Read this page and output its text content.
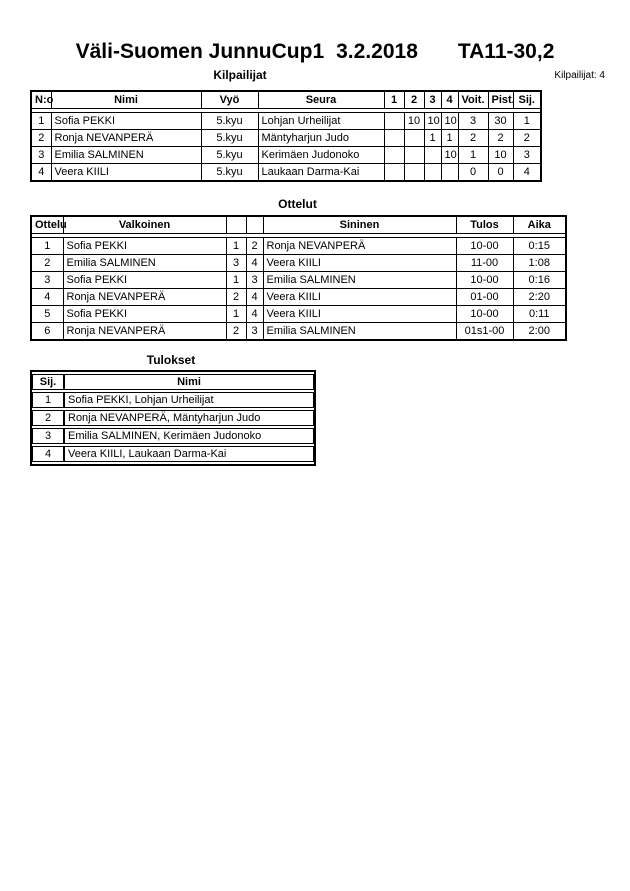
Väli-Suomen JunnuCup1 3.2.2018 TA11-30,2
Kilpailijat	Kilpailijat: 4
N:o	Nimi	Vyö	Seura	1	2	3	4	Voit.	Pist.	Sij.

1	Sofia PEKKI	5.kyu	Lohjan Urheilijat		10	10	10	3	30	1
2	Ronja NEVANPERÄ	5.kyu	Mäntyharjun Judo			1	1	2	2	2
3	Emilia SALMINEN	5.kyu	Kerimäen Judonoko				10	1	10	3
4	Veera KIILI	5.kyu	Laukaan Darma-Kai					0	0	4
Ottelut
Ottelu	Valkoinen			Sininen	Tulos	Aika

1	Sofia PEKKI	1	2	Ronja NEVANPERÄ	10-00	0:15
2	Emilia SALMINEN	3	4	Veera KIILI	11-00	1:08
3	Sofia PEKKI	1	3	Emilia SALMINEN	10-00	0:16
4	Ronja NEVANPERÄ	2	4	Veera KIILI	01-00	2:20
5	Sofia PEKKI	1	4	Veera KIILI	10-00	0:11
6	Ronja NEVANPERÄ	2	3	Emilia SALMINEN	01s1-00	2:00
Tulokset
Sij.	Nimi
1	Sofia PEKKI, Lohjan Urheilijat
2	Ronja NEVANPERÄ, Mäntyharjun Judo
3	Emilia SALMINEN, Kerimäen Judonoko
4	Veera KIILI, Laukaan Darma-Kai
